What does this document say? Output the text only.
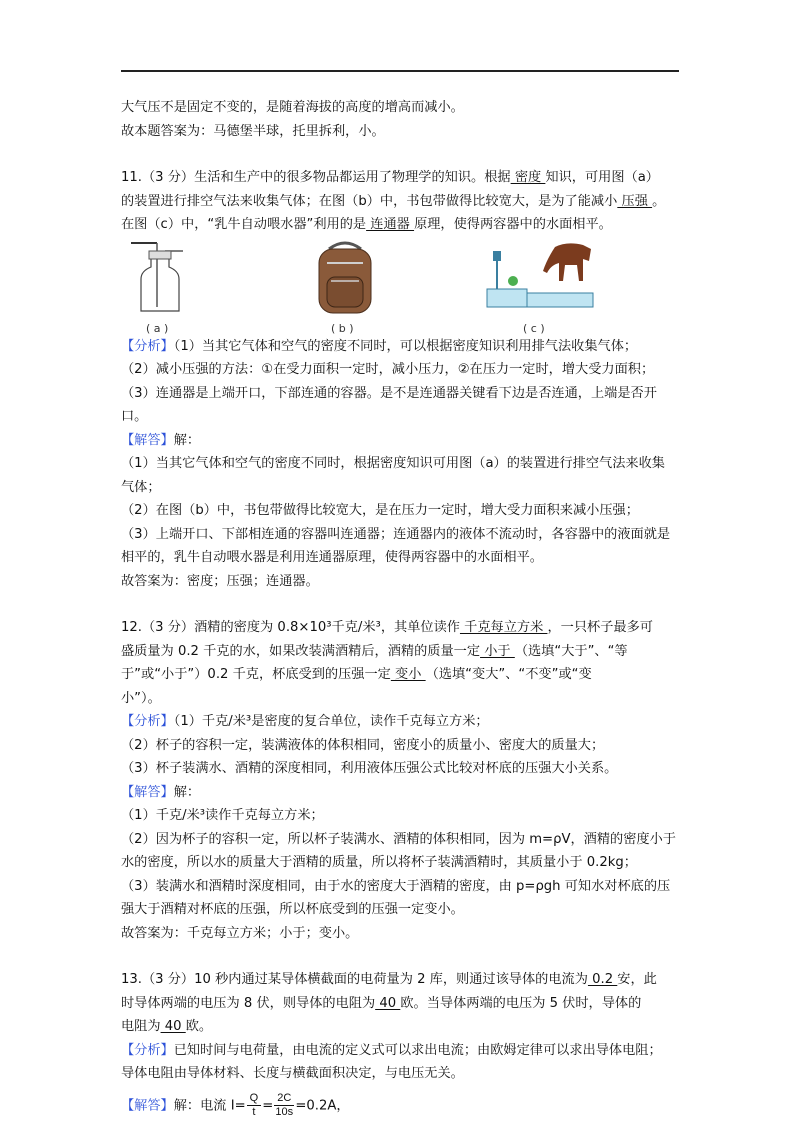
大气压不是固定不变的，是随着海拔的高度的增高而减小。

故本题答案为：马德堡半球，托里拆利，小。

11.（3 分）生活和生产中的很多物品都运用了物理学的知识。根据 密度 知识，可用图（a）

的装置进行排空气法来收集气体；在图（b）中，书包带做得比较宽大，是为了能减小 压强 。

在图（c）中，“乳牛自动喂水器”利用的是 连通器 原理，使得两容器中的水面相平。

( a )	( b )	( c )

【分析】（1）当其它气体和空气的密度不同时，可以根据密度知识利用排气法收集气体；

（2）减小压强的方法：①在受力面积一定时，减小压力，②在压力一定时，增大受力面积；

（3）连通器是上端开口，下部连通的容器。是不是连通器关键看下边是否连通，上端是否开口。

【解答】解：

（1）当其它气体和空气的密度不同时，根据密度知识可用图（a）的装置进行排空气法来收集

气体；

（2）在图（b）中，书包带做得比较宽大，是在压力一定时，增大受力面积来减小压强；

（3）上端开口、下部相连通的容器叫连通器；连通器内的液体不流动时，各容器中的液面就是

相平的，乳牛自动喂水器是利用连通器原理，使得两容器中的水面相平。

故答案为：密度；压强；连通器。

12.（3 分）酒精的密度为 0.8×10³千克/米³，其单位读作 千克每立方米 ，一只杯子最多可

盛质量为 0.2 千克的水，如果改装满酒精后，酒精的质量一定 小于 （选填“大于”、“等

于”或“小于”）0.2 千克，杯底受到的压强一定 变小 （选填“变大”、“不变”或“变

小”）。

【分析】（1）千克/米³是密度的复合单位，读作千克每立方米；

（2）杯子的容积一定，装满液体的体积相同，密度小的质量小、密度大的质量大；

（3）杯子装满水、酒精的深度相同，利用液体压强公式比较对杯底的压强大小关系。

【解答】解：

（1）千克/米³读作千克每立方米；

（2）因为杯子的容积一定，所以杯子装满水、酒精的体积相同，因为 m=ρV，酒精的密度小于

水的密度，所以水的质量大于酒精的质量，所以将杯子装满酒精时，其质量小于 0.2kg；

（3）装满水和酒精时深度相同，由于水的密度大于酒精的密度，由 p=ρgh 可知水对杯底的压

强大于酒精对杯底的压强，所以杯底受到的压强一定变小。

故答案为：千克每立方米；小于；变小。

13.（3 分）10 秒内通过某导体横截面的电荷量为 2 库，则通过该导体的电流为 0.2 安，此

时导体两端的电压为 8 伏，则导体的电阻为 40 欧。当导体两端的电压为 5 伏时，导体的

电阻为 40 欧。

【分析】已知时间与电荷量，由电流的定义式可以求出电流；由欧姆定律可以求出导体电阻；

导体电阻由导体材料、长度与横截面积决定，与电压无关。

【解答】解：电流 $I= \frac{Q}{t} = \frac{2C}{10s} =0.2A$，
